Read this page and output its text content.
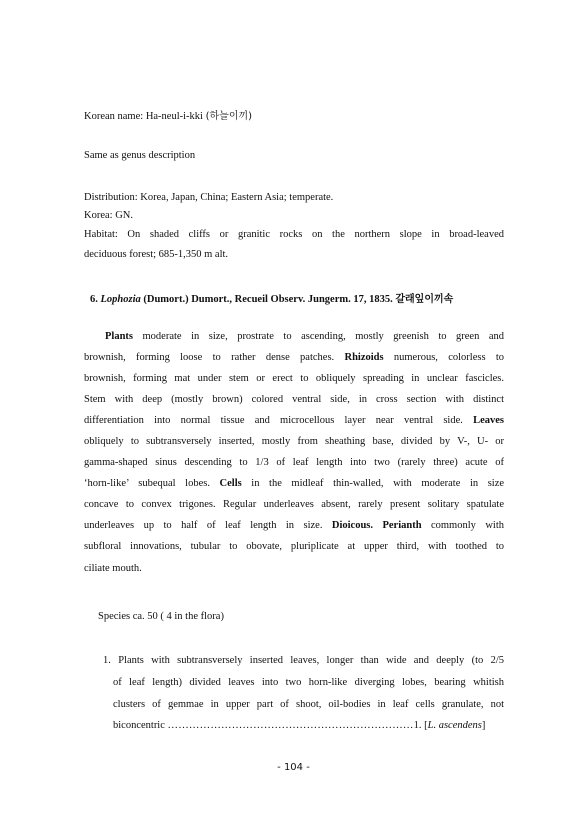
Korean name: Ha-neul-i-kki (하늘이끼)
Same as genus description
Distribution: Korea, Japan, China; Eastern Asia; temperate.
Korea: GN.
Habitat: On shaded cliffs or granitic rocks on the northern slope in broad-leaved
deciduous forest; 685-1,350 m alt.
6. Lophozia (Dumort.) Dumort., Recueil Observ. Jungerm. 17, 1835. 갈래잎이끼속
Plants moderate in size, prostrate to ascending, mostly greenish to green and
brownish, forming loose to rather dense patches. Rhizoids numerous, colorless to
brownish, forming mat under stem or erect to obliquely spreading in unclear fascicles.
Stem with deep (mostly brown) colored ventral side, in cross section with distinct
differentiation into normal tissue and microcellous layer near ventral side. Leaves
obliquely to subtransversely inserted, mostly from sheathing base, divided by V-, U- or
gamma-shaped sinus descending to 1/3 of leaf length into two (rarely three) acute of
‘horn-like’ subequal lobes. Cells in the midleaf thin-walled, with moderate in size
concave to convex trigones. Regular underleaves absent, rarely present solitary spatulate
underleaves up to half of leaf length in size. Dioicous. Perianth commonly with
subfloral innovations, tubular to obovate, pluriplicate at upper third, with toothed to
ciliate mouth.
Species ca. 50 ( 4 in the flora)
1. Plants with subtransversely inserted leaves, longer than wide and deeply (to 2/5
of leaf length) divided leaves into two horn-like diverging lobes, bearing whitish
clusters of gemmae in upper part of shoot, oil-bodies in leaf cells granulate, not
biconcentric ……………………………………………………………1. [L. ascendens]
- 104 -
